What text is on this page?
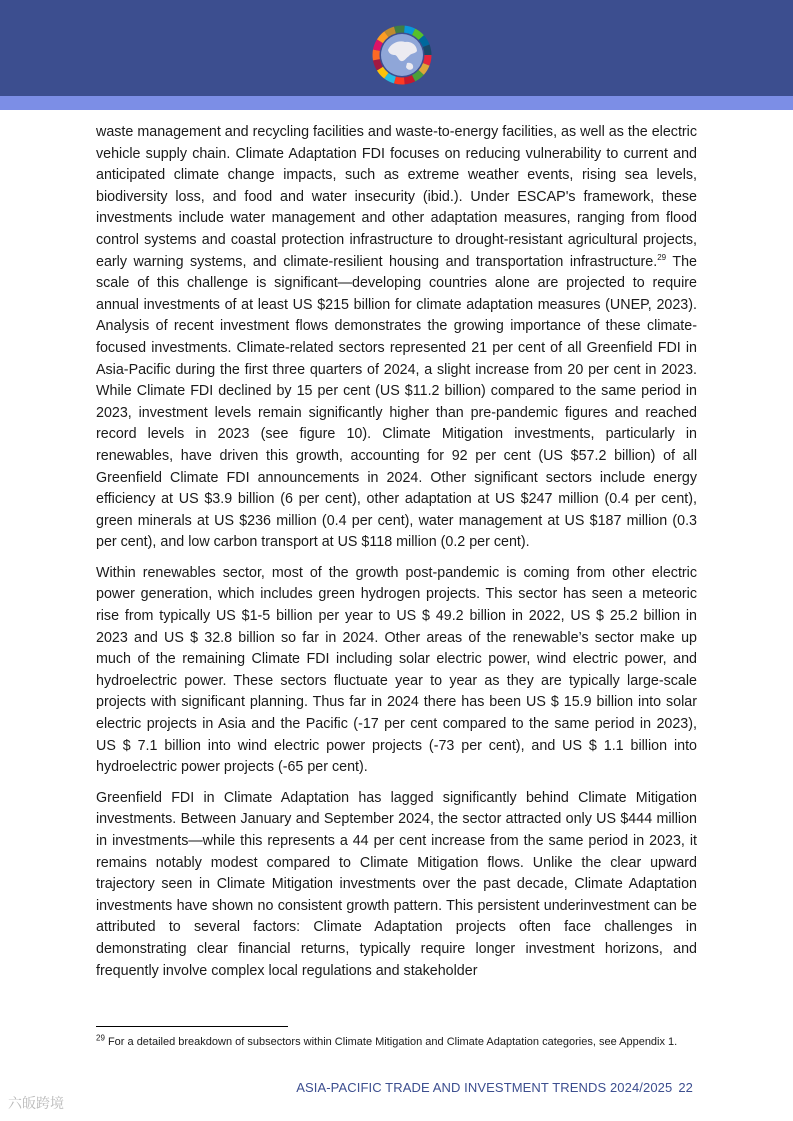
waste management and recycling facilities and waste-to-energy facilities, as well as the electric vehicle supply chain. Climate Adaptation FDI focuses on reducing vulnerability to current and anticipated climate change impacts, such as extreme weather events, rising sea levels, biodiversity loss, and food and water insecurity (ibid.). Under ESCAP's framework, these investments include water management and other adaptation measures, ranging from flood control systems and coastal protection infrastructure to drought-resistant agricultural projects, early warning systems, and climate-resilient housing and transportation infrastructure.$^{29}$ The scale of this challenge is significant—developing countries alone are projected to require annual investments of at least US $215 billion for climate adaptation measures (UNEP, 2023). Analysis of recent investment flows demonstrates the growing importance of these climate-focused investments. Climate-related sectors represented 21 per cent of all Greenfield FDI in Asia-Pacific during the first three quarters of 2024, a slight increase from 20 per cent in 2023. While Climate FDI declined by 15 per cent (US $11.2 billion) compared to the same period in 2023, investment levels remain significantly higher than pre-pandemic figures and reached record levels in 2023 (see figure 10). Climate Mitigation investments, particularly in renewables, have driven this growth, accounting for 92 per cent (US $57.2 billion) of all Greenfield Climate FDI announcements in 2024. Other significant sectors include energy efficiency at US $3.9 billion (6 per cent), other adaptation at US $247 million (0.4 per cent), green minerals at US $236 million (0.4 per cent), water management at US $187 million (0.3 per cent), and low carbon transport at US $118 million (0.2 per cent).

Within renewables sector, most of the growth post-pandemic is coming from other electric power generation, which includes green hydrogen projects. This sector has seen a meteoric rise from typically US $1-5 billion per year to US $ 49.2 billion in 2022, US $ 25.2 billion in 2023 and US $ 32.8 billion so far in 2024. Other areas of the renewable’s sector make up much of the remaining Climate FDI including solar electric power, wind electric power, and hydroelectric power. These sectors fluctuate year to year as they are typically large-scale projects with significant planning. Thus far in 2024 there has been US $ 15.9 billion into solar electric projects in Asia and the Pacific (-17 per cent compared to the same period in 2023), US $ 7.1 billion into wind electric power projects (-73 per cent), and US $ 1.1 billion into hydroelectric power projects (-65 per cent).

Greenfield FDI in Climate Adaptation has lagged significantly behind Climate Mitigation investments. Between January and September 2024, the sector attracted only US $444 million in investments—while this represents a 44 per cent increase from the same period in 2023, it remains notably modest compared to Climate Mitigation flows. Unlike the clear upward trajectory seen in Climate Mitigation investments over the past decade, Climate Adaptation investments have shown no consistent growth pattern. This persistent underinvestment can be attributed to several factors: Climate Adaptation projects often face challenges in demonstrating clear financial returns, typically require longer investment horizons, and frequently involve complex local regulations and stakeholder

$^{29}$ For a detailed breakdown of subsectors within Climate Mitigation and Climate Adaptation categories, see Appendix 1.
ASIA-PACIFIC TRADE AND INVESTMENT TRENDS 2024/2025 22
六皈跨境
